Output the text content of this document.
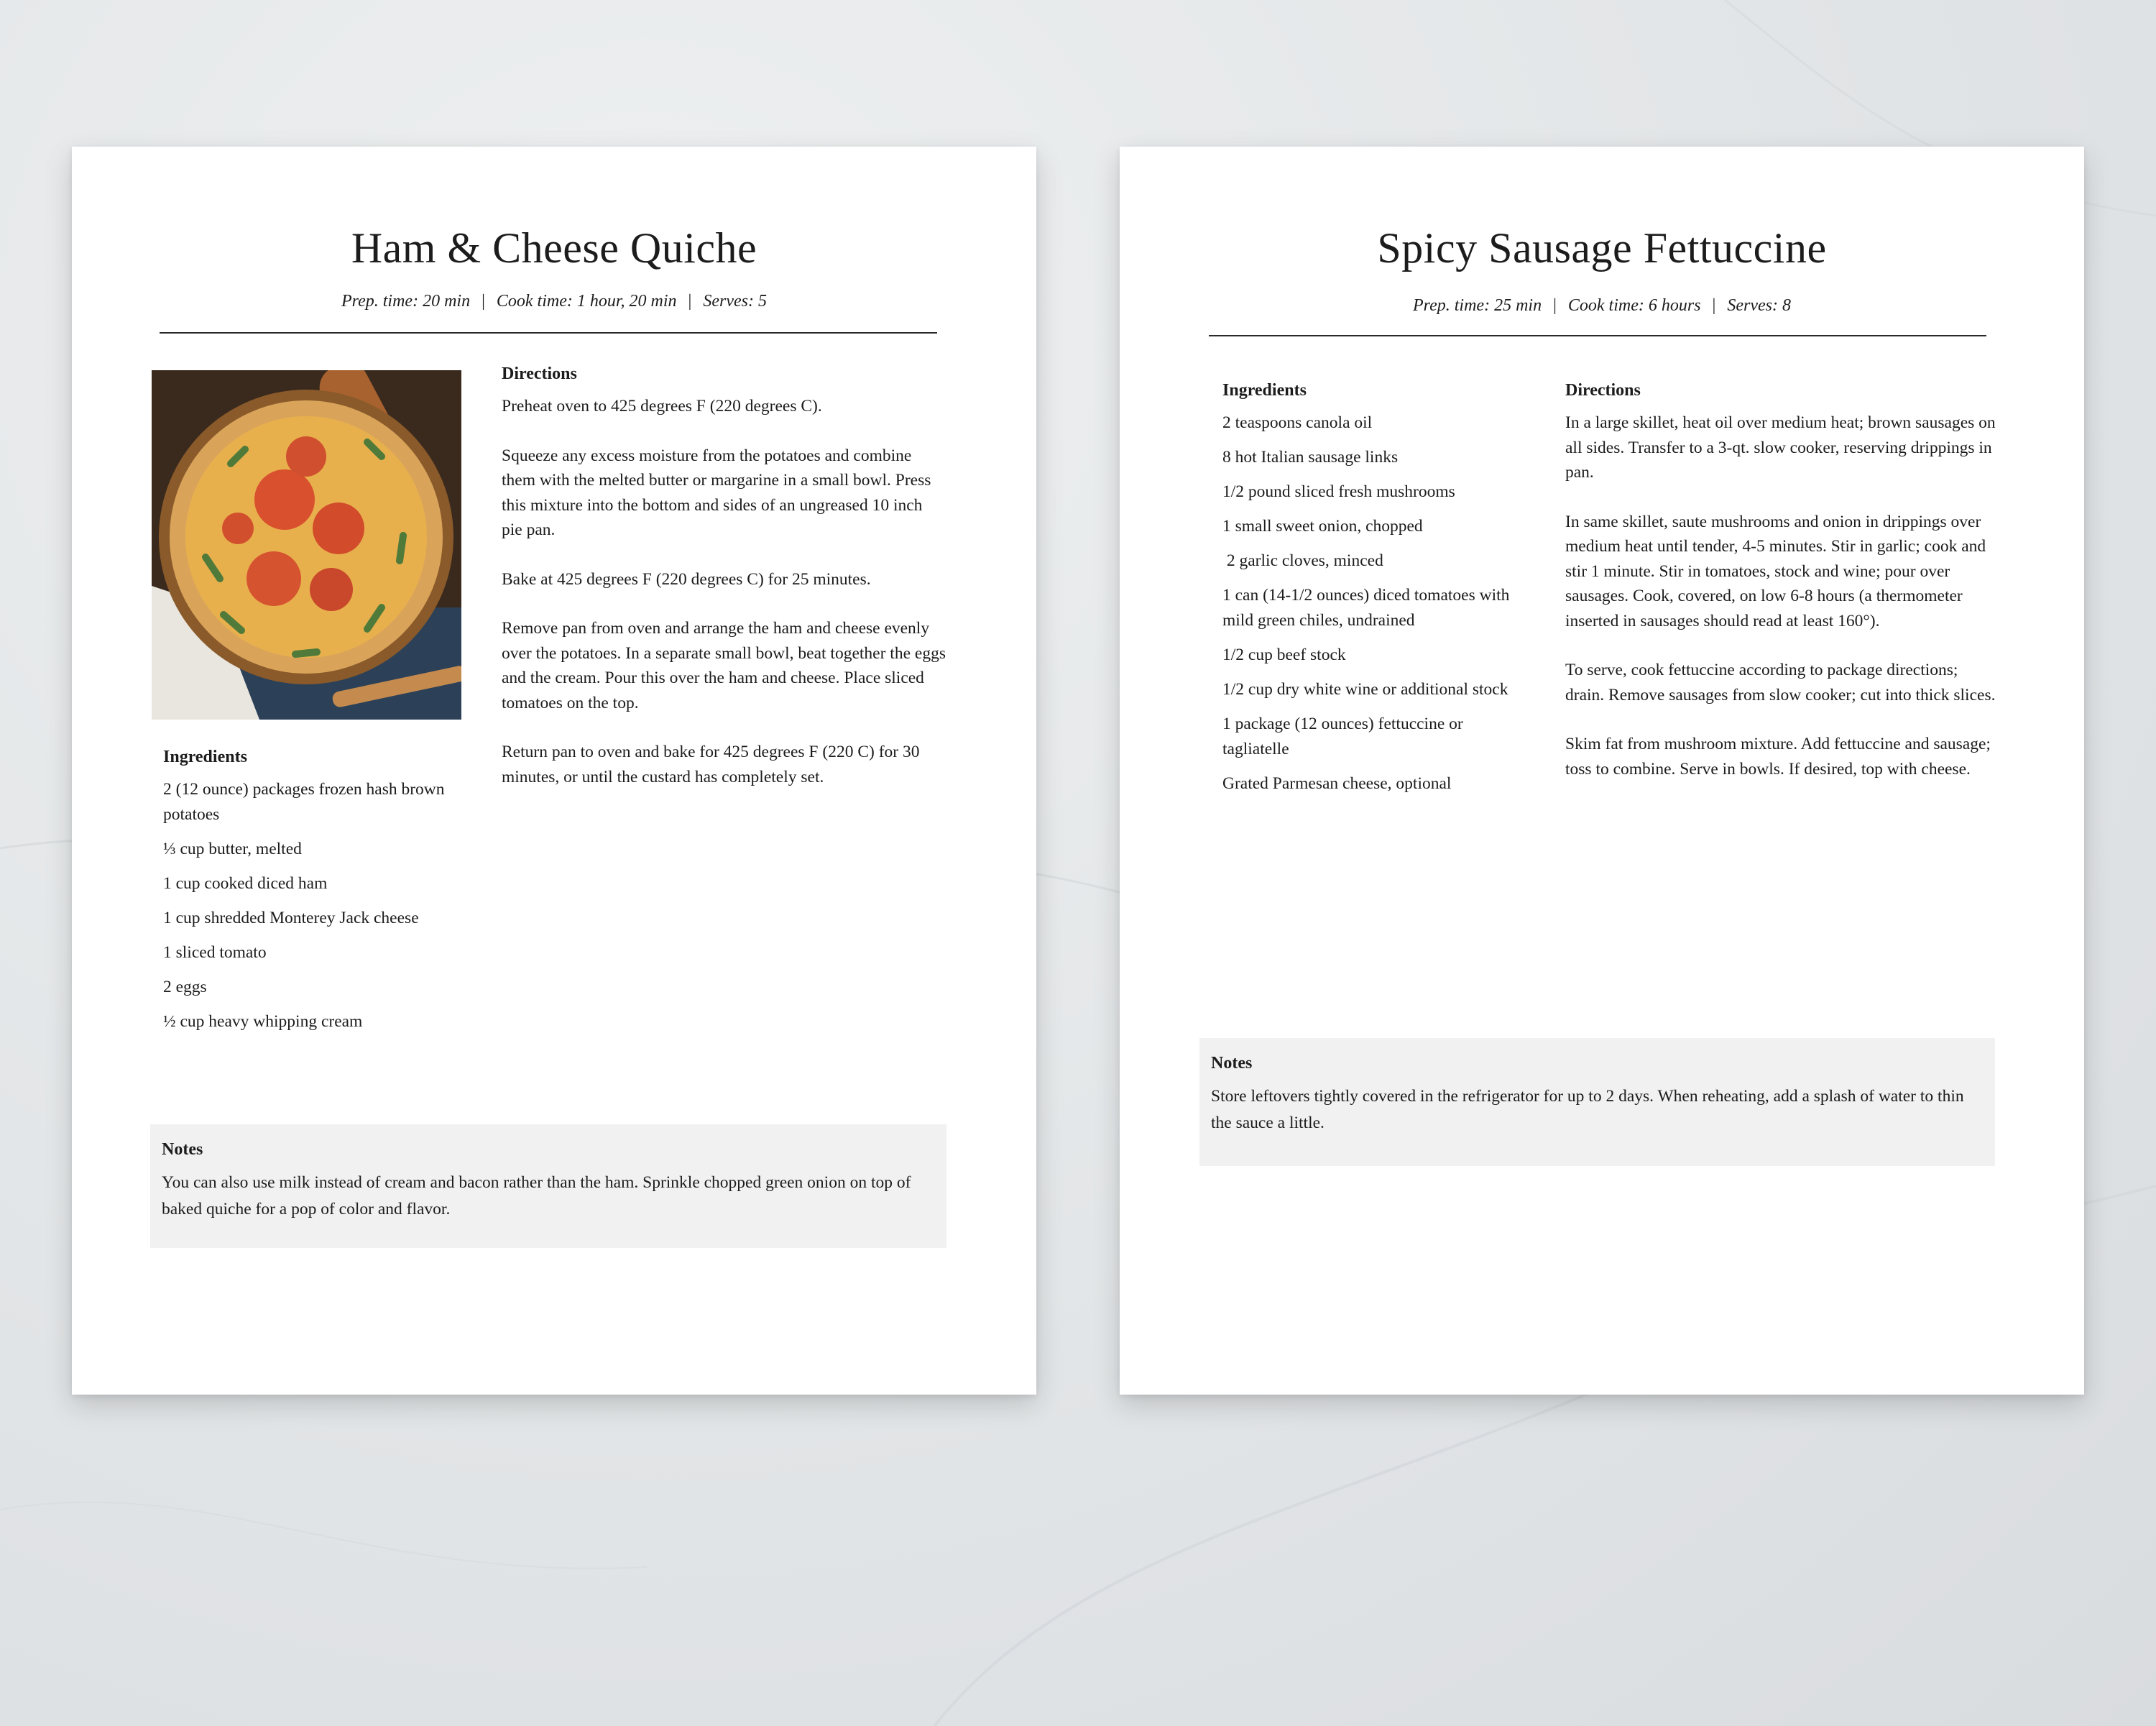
Ham & Cheese Quiche
Prep. time: 20 min | Cook time: 1 hour, 20 min | Serves: 5
Directions

Preheat oven to 425 degrees F (220 degrees C).

Squeeze any excess moisture from the potatoes and combine them with the melted butter or margarine in a small bowl. Press this mixture into the bottom and sides of an ungreased 10 inch pie pan.

Bake at 425 degrees F (220 degrees C) for 25 minutes.

Remove pan from oven and arrange the ham and cheese evenly over the potatoes. In a separate small bowl, beat together the eggs and the cream. Pour this over the ham and cheese. Place sliced tomatoes on the top.

Return pan to oven and bake for 425 degrees F (220 C) for 30 minutes, or until the custard has completely set.

Ingredients
2 (12 ounce) packages frozen hash brown potatoes
⅓ cup butter, melted
1 cup cooked diced ham
1 cup shredded Monterey Jack cheese
1 sliced tomato
2 eggs
½ cup heavy whipping cream
Notes

You can also use milk instead of cream and bacon rather than the ham. Sprinkle chopped green onion on top of baked quiche for a pop of color and flavor.

Spicy Sausage Fettuccine
Prep. time: 25 min | Cook time: 6 hours | Serves: 8
Ingredients
2 teaspoons canola oil
8 hot Italian sausage links
1/2 pound sliced fresh mushrooms
1 small sweet onion, chopped
2 garlic cloves, minced
1 can (14-1/2 ounces) diced tomatoes with mild green chiles, undrained
1/2 cup beef stock
1/2 cup dry white wine or additional stock
1 package (12 ounces) fettuccine or tagliatelle
Grated Parmesan cheese, optional
Directions

In a large skillet, heat oil over medium heat; brown sausages on all sides. Transfer to a 3-qt. slow cooker, reserving drippings in pan.

In same skillet, saute mushrooms and onion in drippings over medium heat until tender, 4-5 minutes. Stir in garlic; cook and stir 1 minute. Stir in tomatoes, stock and wine; pour over sausages. Cook, covered, on low 6-8 hours (a thermometer inserted in sausages should read at least 160°).

To serve, cook fettuccine according to package directions; drain. Remove sausages from slow cooker; cut into thick slices.

Skim fat from mushroom mixture. Add fettuccine and sausage; toss to combine. Serve in bowls. If desired, top with cheese.

Notes

Store leftovers tightly covered in the refrigerator for up to 2 days. When reheating, add a splash of water to thin the sauce a little.
